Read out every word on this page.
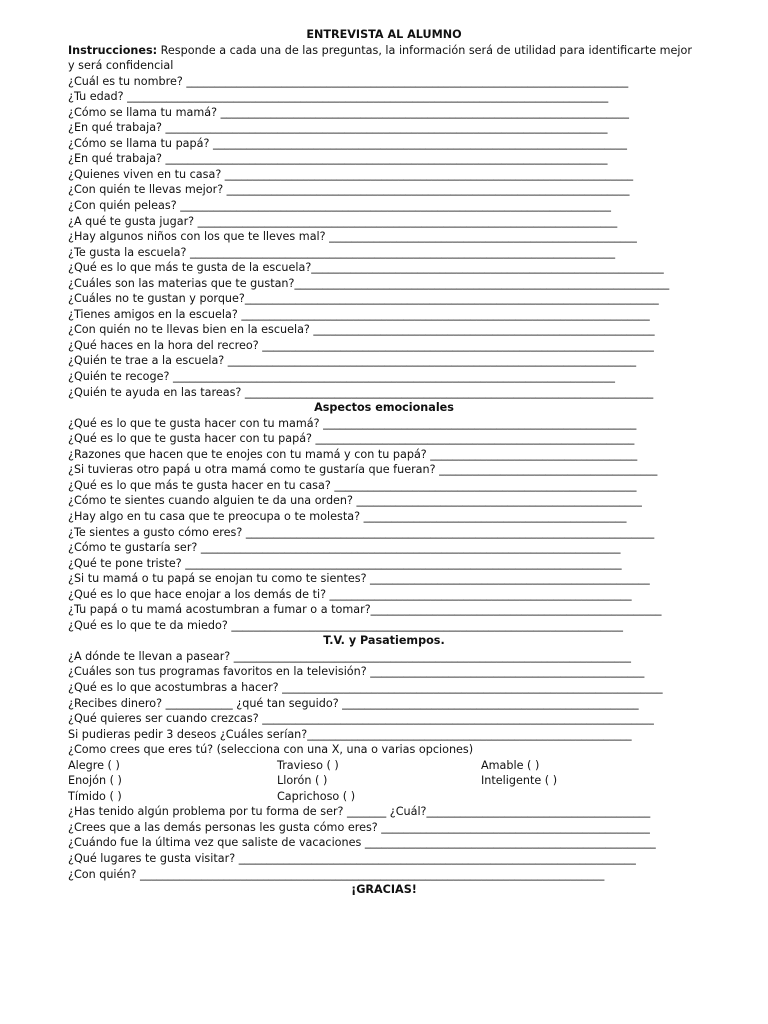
ENTREVISTA AL ALUMNO
Instrucciones: Responde a cada una de las preguntas, la información será de utilidad para identificarte mejor y será confidencial
¿Cuál es tu nombre? _______________________________________________________________________________
¿Tu edad? ______________________________________________________________________________________
¿Cómo se llama tu mamá? _________________________________________________________________________
¿En qué trabaja? _______________________________________________________________________________
¿Cómo se llama tu papá? __________________________________________________________________________
¿En qué trabaja? _______________________________________________________________________________
¿Quienes viven en tu casa? _________________________________________________________________________
¿Con quién te llevas mejor? ________________________________________________________________________
¿Con quién peleas? _____________________________________________________________________________
¿A qué te gusta jugar? ___________________________________________________________________________
¿Hay algunos niños con los que te lleves mal? _______________________________________________________
¿Te gusta la escuela? ____________________________________________________________________________
¿Qué es lo que más te gusta de la escuela?_______________________________________________________________
¿Cuáles son las materias que te gustan?___________________________________________________________________
¿Cuáles no te gustan y porque?__________________________________________________________________________
¿Tienes amigos en la escuela? _________________________________________________________________________
¿Con quién no te llevas bien en la escuela? _____________________________________________________________
¿Qué haces en la hora del recreo? ______________________________________________________________________
¿Quién te trae a la escuela? _________________________________________________________________________
¿Quién te recoge? _______________________________________________________________________________
¿Quién te ayuda en las tareas? _________________________________________________________________________
Aspectos emocionales
¿Qué es lo que te gusta hacer con tu mamá? ________________________________________________________
¿Qué es lo que te gusta hacer con tu papá? _________________________________________________________
¿Razones que hacen que te enojes con tu mamá y con tu papá? _____________________________________
¿Si tuvieras otro papá u otra mamá como te gustaría que fueran? _______________________________________
¿Qué es lo que más te gusta hacer en tu casa? ______________________________________________________
¿Cómo te sientes cuando alguien te da una orden? ___________________________________________________
¿Hay algo en tu casa que te preocupa o te molesta? _______________________________________________
¿Te sientes a gusto cómo eres? _________________________________________________________________________
¿Cómo te gustaría ser? ___________________________________________________________________________
¿Qué te pone triste? ______________________________________________________________________________
¿Si tu mamá o tu papá se enojan tu como te sientes? __________________________________________________
¿Qué es lo que hace enojar a los demás de ti? ______________________________________________________
¿Tu papá o tu mamá acostumbran a fumar o a tomar?____________________________________________________
¿Qué es lo que te da miedo? ______________________________________________________________________
T.V. y Pasatiempos.
¿A dónde te llevan a pasear? _______________________________________________________________________
¿Cuáles son tus programas favoritos en la televisión? _________________________________________________
¿Qué es lo que acostumbras a hacer? ____________________________________________________________________
¿Recibes dinero? ____________ ¿qué tan seguido? _____________________________________________________
¿Qué quieres ser cuando crezcas? ______________________________________________________________________
Si pudieras pedir 3 deseos ¿Cuáles serían?__________________________________________________________
¿Como crees que eres tú? (selecciona con una X, una o varias opciones)
Alegre ( )	Travieso ( )	Amable ( )
Enojón ( )	Llorón ( )	Inteligente ( )
Tímido ( )	Caprichoso ( )
¿Has tenido algún problema por tu forma de ser? _______ ¿Cuál?________________________________________
¿Crees que a las demás personas les gusta cómo eres? ________________________________________________
¿Cuándo fue la última vez que saliste de vacaciones ____________________________________________________
¿Qué lugares te gusta visitar? _______________________________________________________________________
¿Con quién? ___________________________________________________________________________________
¡GRACIAS!
